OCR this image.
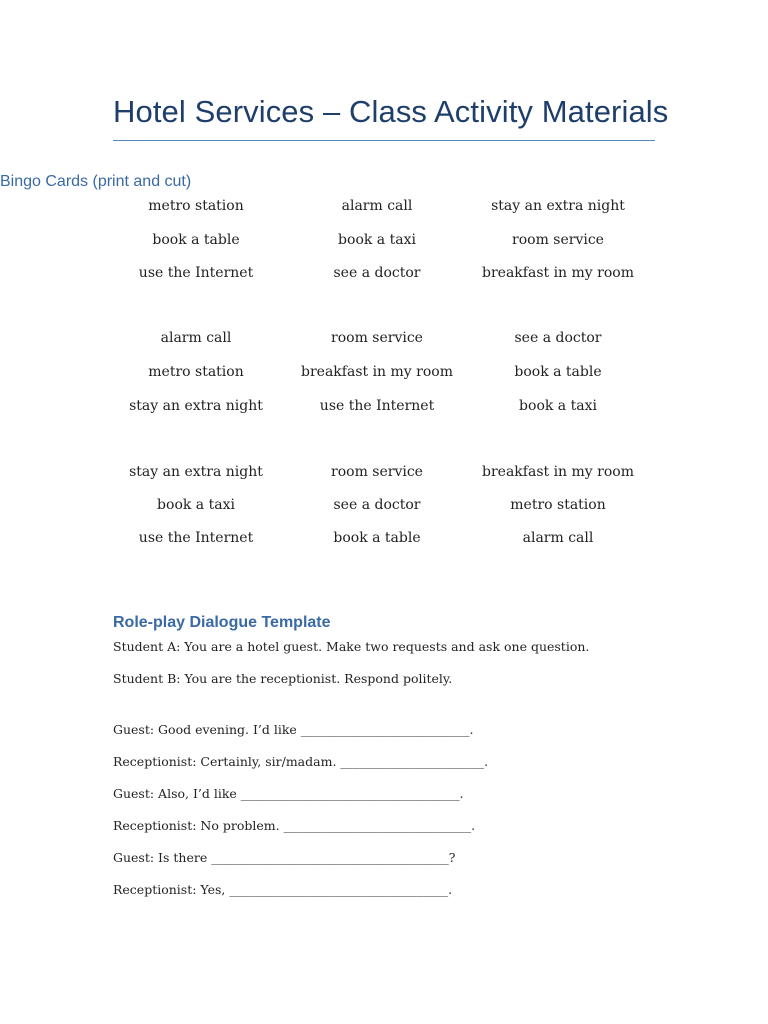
Hotel Services – Class Activity Materials
Bingo Cards (print and cut)
metro station	alarm call	stay an extra night
book a table	book a taxi	room service
use the Internet	see a doctor	breakfast in my room
alarm call	room service	see a doctor
metro station	breakfast in my room	book a table
stay an extra night	use the Internet	book a taxi
stay an extra night	room service	breakfast in my room
book a taxi	see a doctor	metro station
use the Internet	book a table	alarm call
Role-play Dialogue Template
Student A: You are a hotel guest. Make two requests and ask one question.
Student B: You are the receptionist. Respond politely.
Guest: Good evening. I’d like ___________________________.
Receptionist: Certainly, sir/madam. _______________________.
Guest: Also, I’d like ___________________________________.
Receptionist: No problem. ______________________________.
Guest: Is there ______________________________________?
Receptionist: Yes, ___________________________________.
